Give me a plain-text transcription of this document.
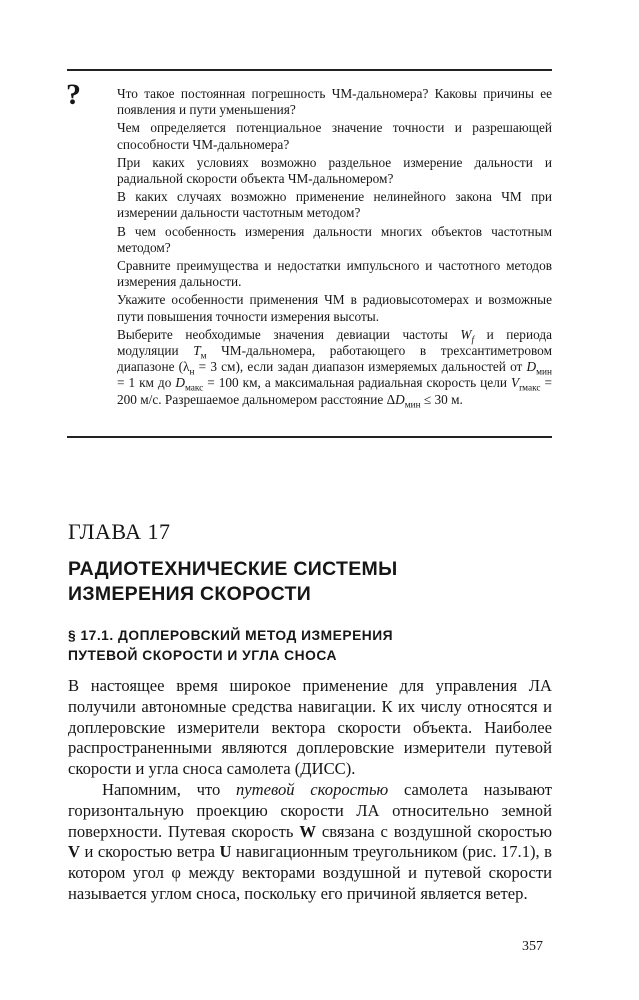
?	Что такое постоянная погрешность ЧМ-дальномера? Каковы причины ее появления и пути уменьшения?

Чем определяется потенциальное значение точности и разрешающей способности ЧМ-дальномера?

При каких условиях возможно раздельное измерение дальности и радиальной скорости объекта ЧМ-дальномером?

В каких случаях возможно применение нелинейного закона ЧМ при измерении дальности частотным методом?

В чем особенность измерения дальности многих объектов частотным методом?

Сравните преимущества и недостатки импульсного и частотного методов измерения дальности.

Укажите особенности применения ЧМ в радиовысотомерах и возможные пути повышения точности измерения высоты.

Выберите необходимые значения девиации частоты $W_f$ и периода модуляции $T_м$ ЧМ-дальномера, работающего в трехсантиметровом диапазоне ($\lambda_н = 3$ см), если задан диапазон измеряемых дальностей от $D_{мин} = 1$ км до $D_{макс} = 100$ км, а максимальная радиальная скорость цели $V_{rмакс} = 200$ м/с. Разрешаемое дальномером расстояние $\Delta D_{мин} \le 30$ м.

ГЛАВА 17
РАДИОТЕХНИЧЕСКИЕ СИСТЕМЫ
ИЗМЕРЕНИЯ СКОРОСТИ
§ 17.1. ДОПЛЕРОВСКИЙ МЕТОД ИЗМЕРЕНИЯ
ПУТЕВОЙ СКОРОСТИ И УГЛА СНОСА

В настоящее время широкое применение для управления ЛА получили автономные средства навигации. К их числу относятся и доплеровские измерители вектора скорости объекта. Наиболее распространенными являются доплеровские измерители путевой скорости и угла сноса самолета (ДИСС).

Напомним, что путевой скоростью самолета называют горизонтальную проекцию скорости ЛА относительно земной поверхности. Путевая скорость W связана с воздушной скоростью V и скоростью ветра U навигационным треугольником (рис. 17.1), в котором угол φ между векторами воздушной и путевой скорости называется углом сноса, поскольку его причиной является ветер.

357
